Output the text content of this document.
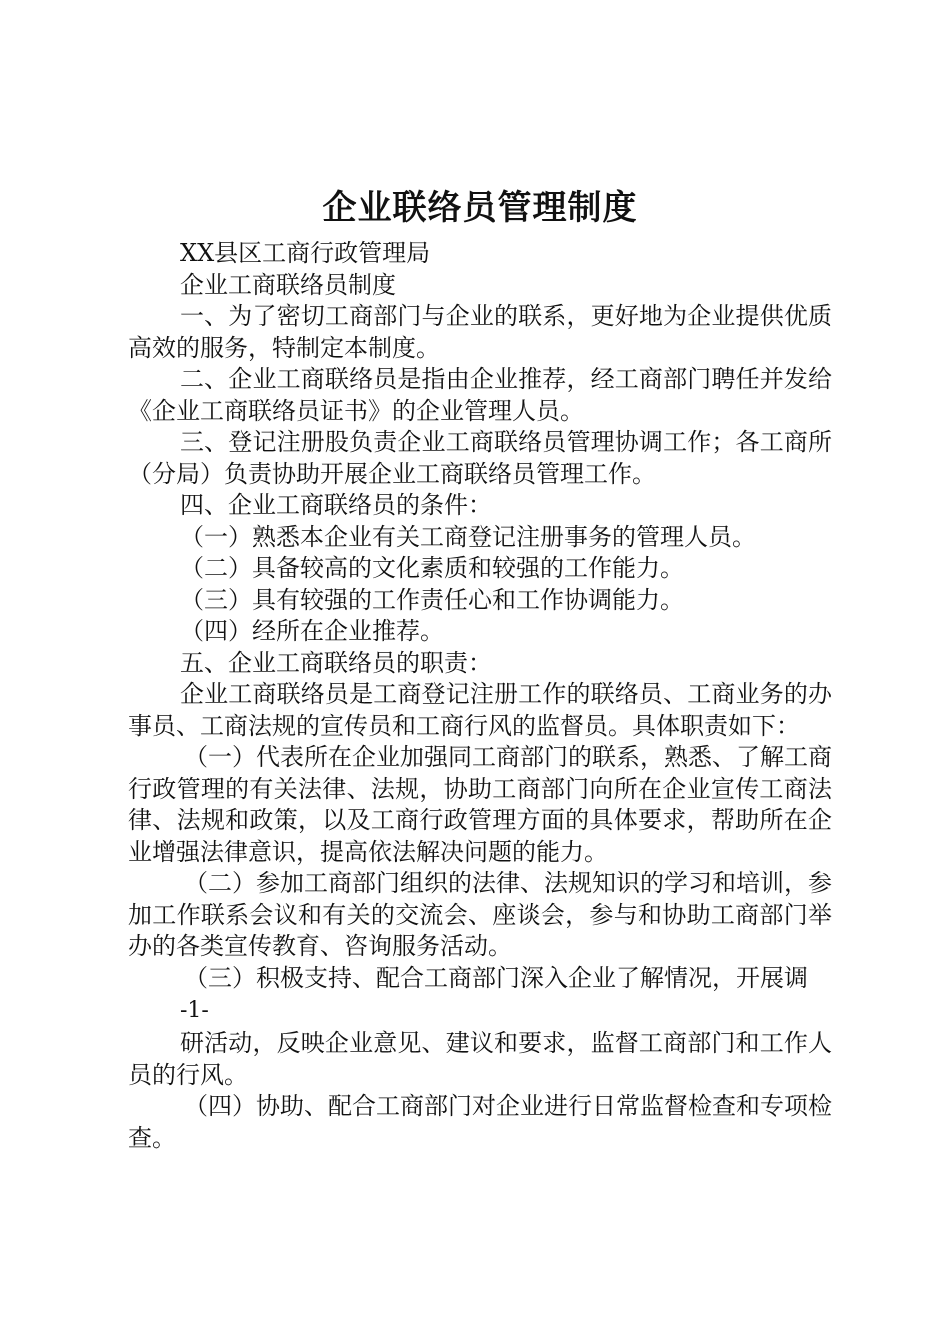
企业联络员管理制度

XX县区工商行政管理局

企业工商联络员制度

一、为了密切工商部门与企业的联系，更好地为企业提供优质高效的服务，特制定本制度。

二、企业工商联络员是指由企业推荐，经工商部门聘任并发给《企业工商联络员证书》的企业管理人员。

三、登记注册股负责企业工商联络员管理协调工作；各工商所（分局）负责协助开展企业工商联络员管理工作。

四、企业工商联络员的条件：

（一）熟悉本企业有关工商登记注册事务的管理人员。

（二）具备较高的文化素质和较强的工作能力。

（三）具有较强的工作责任心和工作协调能力。

（四）经所在企业推荐。

五、企业工商联络员的职责：

企业工商联络员是工商登记注册工作的联络员、工商业务的办事员、工商法规的宣传员和工商行风的监督员。具体职责如下：

（一）代表所在企业加强同工商部门的联系，熟悉、了解工商行政管理的有关法律、法规，协助工商部门向所在企业宣传工商法律、法规和政策，以及工商行政管理方面的具体要求，帮助所在企业增强法律意识，提高依法解决问题的能力。

（二）参加工商部门组织的法律、法规知识的学习和培训，参加工作联系会议和有关的交流会、座谈会，参与和协助工商部门举办的各类宣传教育、咨询服务活动。

（三）积极支持、配合工商部门深入企业了解情况，开展调

-1-

研活动，反映企业意见、建议和要求，监督工商部门和工作人员的行风。

（四）协助、配合工商部门对企业进行日常监督检查和专项检查。
